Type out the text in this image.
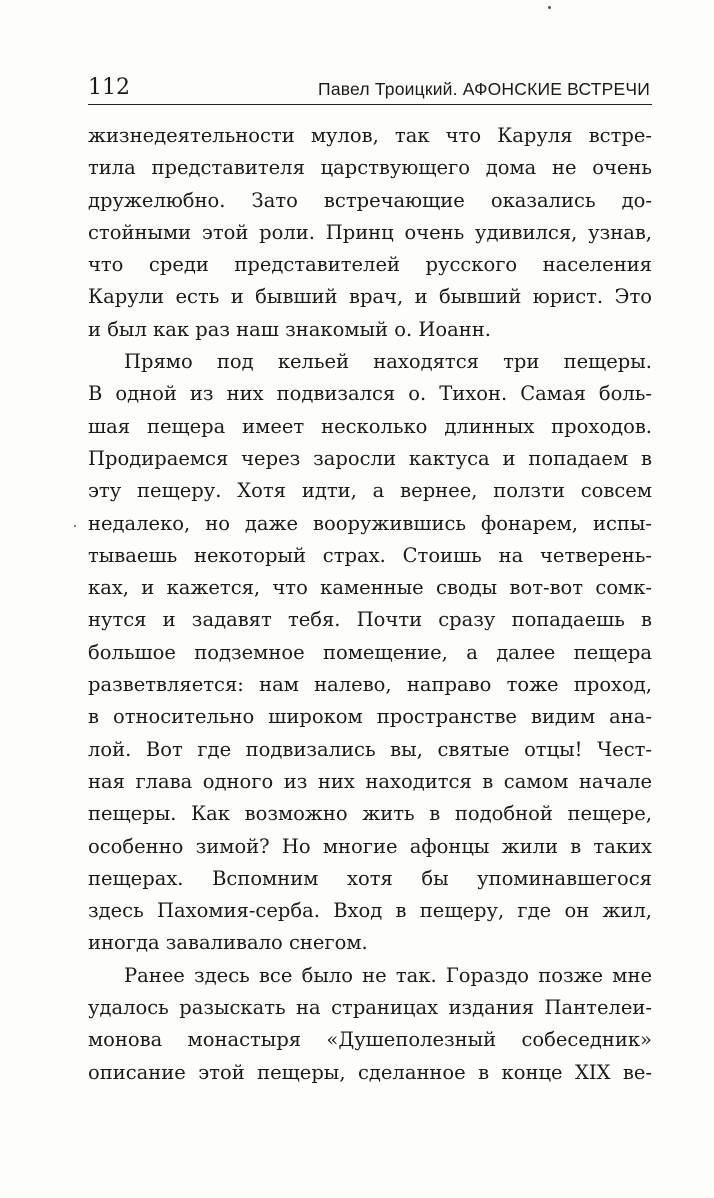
112	Павел Троицкий. АФОНСКИЕ ВСТРЕЧИ
жизнедеятельности мулов, так что Каруля встре-
тила представителя царствующего дома не очень
дружелюбно. Зато встречающие оказались до-
стойными этой роли. Принц очень удивился, узнав,
что среди представителей русского населения
Карули есть и бывший врач, и бывший юрист. Это
и был как раз наш знакомый о. Иоанн.
Прямо под кельей находятся три пещеры.
В одной из них подвизался о. Тихон. Самая боль-
шая пещера имеет несколько длинных проходов.
Продираемся через заросли кактуса и попадаем в
эту пещеру. Хотя идти, а вернее, ползти совсем
недалеко, но даже вооружившись фонарем, испы-
тываешь некоторый страх. Стоишь на четверень-
ках, и кажется, что каменные своды вот-вот сомк-
нутся и задавят тебя. Почти сразу попадаешь в
большое подземное помещение, а далее пещера
разветвляется: нам налево, направо тоже проход,
в относительно широком пространстве видим ана-
лой. Вот где подвизались вы, святые отцы! Чест-
ная глава одного из них находится в самом начале
пещеры. Как возможно жить в подобной пещере,
особенно зимой? Но многие афонцы жили в таких
пещерах. Вспомним хотя бы упоминавшегося
здесь Пахомия-серба. Вход в пещеру, где он жил,
иногда заваливало снегом.
Ранее здесь все было не так. Гораздо позже мне
удалось разыскать на страницах издания Пантелеи-
монова монастыря «Душеполезный собеседник»
описание этой пещеры, сделанное в конце XIX ве-
